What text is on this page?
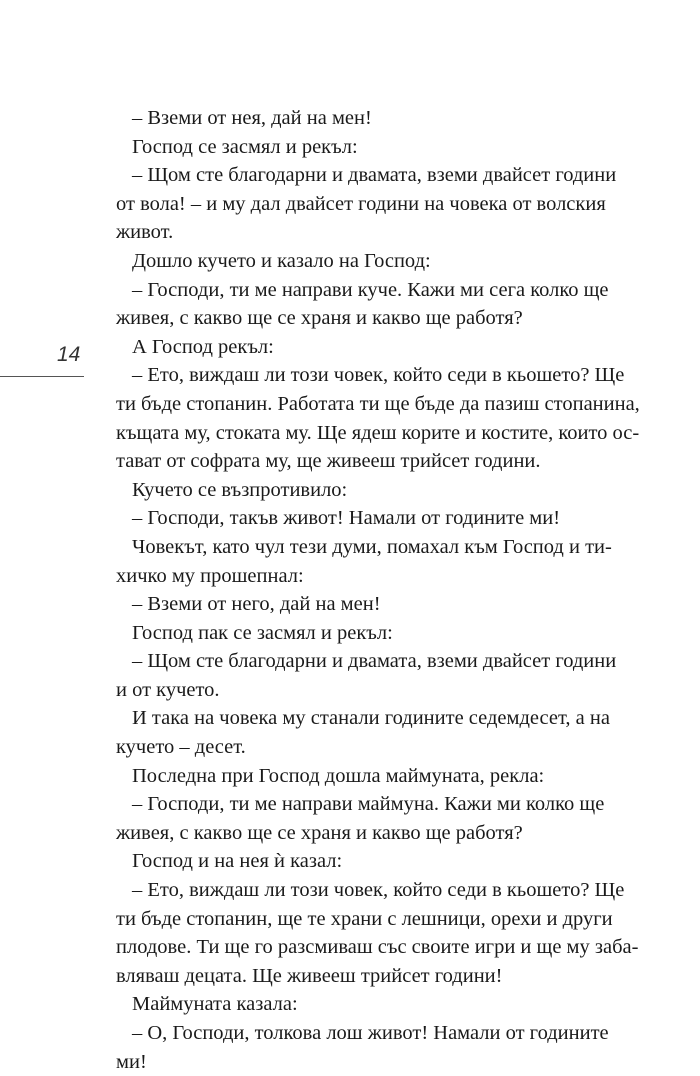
14
– Вземи от нея, дай на мен!
Господ се засмял и рекъл:
– Щом сте благодарни и двамата, вземи двайсет години
от вола! – и му дал двайсет години на човека от волския
живот.
Дошло кучето и казало на Господ:
– Господи, ти ме направи куче. Кажи ми сега колко ще
живея, с какво ще се храня и какво ще работя?
А Господ рекъл:
– Ето, виждаш ли този човек, който седи в кьошето? Ще
ти бъде стопанин. Работата ти ще бъде да пазиш стопанина,
къщата му, стоката му. Ще ядеш корите и костите, които ос-
тават от софрата му, ще живееш трийсет години.
Кучето се възпротивило:
– Господи, такъв живот! Намали от годините ми!
Човекът, като чул тези думи, помахал към Господ и ти-
хичко му прошепнал:
– Вземи от него, дай на мен!
Господ пак се засмял и рекъл:
– Щом сте благодарни и двамата, вземи двайсет години
и от кучето.
И така на човека му станали годините седемдесет, а на
кучето – десет.
Последна при Господ дошла маймуната, рекла:
– Господи, ти ме направи маймуна. Кажи ми колко ще
живея, с какво ще се храня и какво ще работя?
Господ и на нея ѝ казал:
– Ето, виждаш ли този човек, който седи в кьошето? Ще
ти бъде стопанин, ще те храни с лешници, орехи и други
плодове. Ти ще го разсмиваш със своите игри и ще му заба-
вляваш децата. Ще живееш трийсет години!
Маймуната казала:
– О, Господи, толкова лош живот! Намали от годините
ми!
